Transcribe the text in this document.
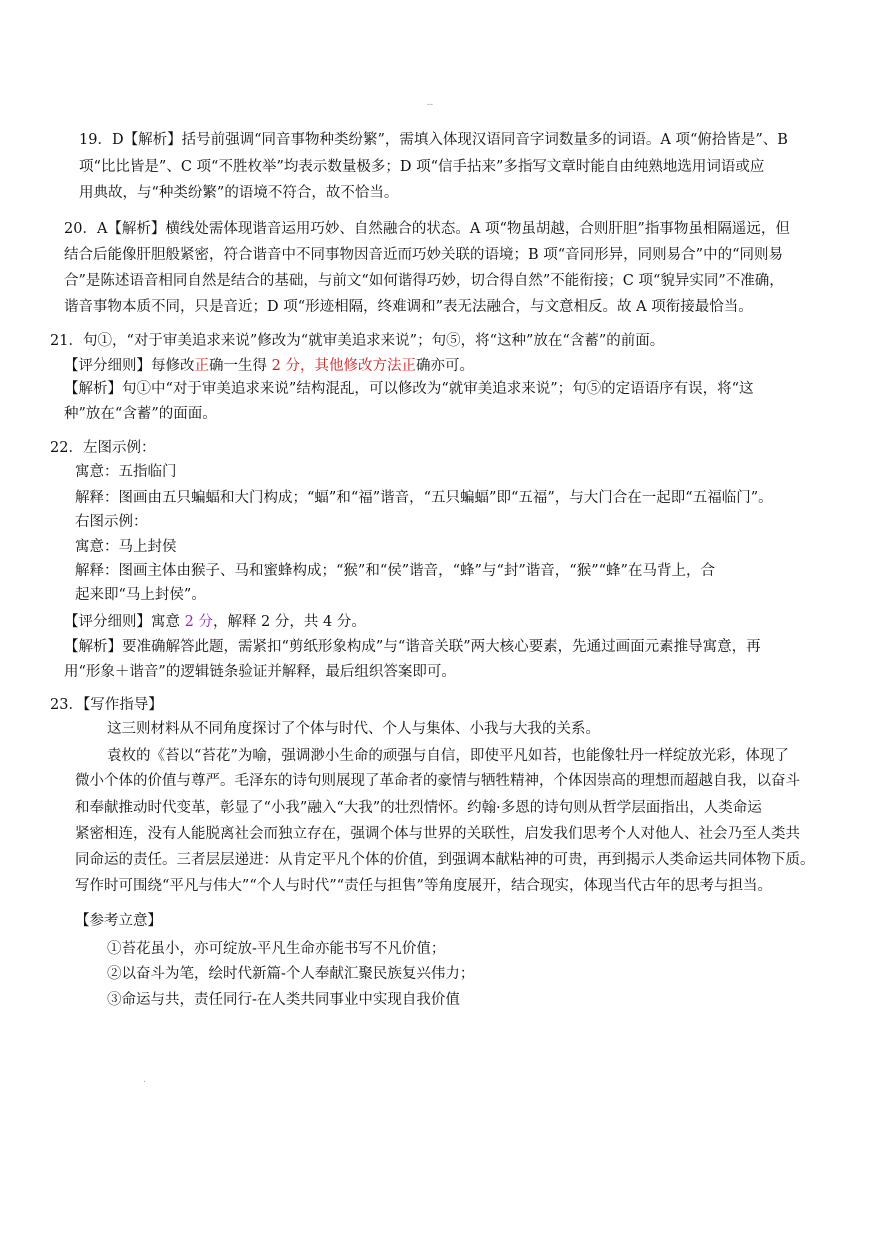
--
19．D【解析】括号前强调“同音事物种类纷繁”，需填入体现汉语同音字词数量多的词语。A 项“俯拾皆是”、B
项“比比皆是”、C 项“不胜枚举”均表示数量极多；D 项“信手拈来”多指写文章时能自由纯熟地选用词语或应
用典故，与“种类纷繁”的语境不符合，故不恰当。
20．A【解析】横线处需体现谐音运用巧妙、自然融合的状态。A 项“物虽胡越，合则肝胆”指事物虽相隔遥远，但
结合后能像肝胆般紧密，符合谐音中不同事物因音近而巧妙关联的语境；B 项“音同形异，同则易合”中的“同则易
合”是陈述语音相同自然是结合的基础，与前文“如何谐得巧妙，切合得自然”不能衔接；C 项“貌异实同”不准确，
谐音事物本质不同，只是音近；D 项“形迹相隔，终难调和”表无法融合，与文意相反。故 A 项衔接最恰当。
21．句①，“对于审美追求来说”修改为“就审美追求来说”；句⑤，将“这种”放在“含蓄”的前面。
【评分细则】每修改正确一生得 2 分，其他修改方法正确亦可。
【解析】句①中“对于审美追求来说”结构混乱，可以修改为“就审美追求来说”；句⑤的定语语序有误，将“这
种”放在“含蓄”的面面。
22．左图示例：
寓意：五指临门
解释：图画由五只蝙蝠和大门构成；“蝠”和“福”谐音，“五只蝙蝠”即“五福”，与大门合在一起即“五福临门”。
右图示例：
寓意：马上封侯
解释：图画主体由猴子、马和蜜蜂构成；“猴”和“侯”谐音，“蜂”与“封”谐音，“猴”“蜂”在马背上，合
起来即“马上封侯”。
【评分细则】寓意 2 分，解释 2 分，共 4 分。
【解析】要准确解答此题，需紧扣“剪纸形象构成”与“谐音关联”两大核心要素，先通过画面元素推导寓意，再
用“形象＋谐音”的逻辑链条验证并解释，最后组织答案即可。
23．【写作指导】
这三则材料从不同角度探讨了个体与时代、个人与集体、小我与大我的关系。
袁枚的《苔以“苔花”为喻，强调渺小生命的顽强与自信，即使平凡如苔，也能像牡丹一样绽放光彩，体现了
微小个体的价值与尊严。毛泽东的诗句则展现了革命者的豪情与牺牲精神，个体因崇高的理想而超越自我，以奋斗
和奉献推动时代变革，彰显了“小我”融入“大我”的壮烈情怀。约翰·多恩的诗句则从哲学层面指出，人类命运
紧密相连，没有人能脱离社会而独立存在，强调个体与世界的关联性，启发我们思考个人对他人、社会乃至人类共
同命运的责任。三者层层递进：从肯定平凡个体的价值，到强调本献粘神的可贵，再到揭示人类命运共同体物下质。
写作时可围绕“平凡与伟大”“个人与时代”“责任与担售”等角度展开，结合现实，体现当代古年的思考与担当。
【参考立意】
①苔花虽小，亦可绽放-平凡生命亦能书写不凡价值；
②以奋斗为笔，绘时代新篇-个人奉献汇聚民族复兴伟力；
③命运与共，责任同行-在人类共同事业中实现自我价值
.
